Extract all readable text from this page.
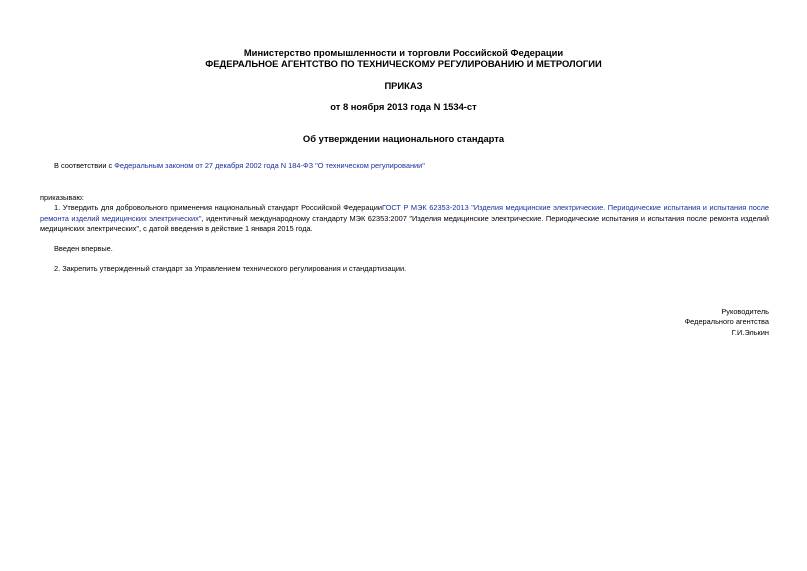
Министерство промышленности и торговли Российской Федерации
ФЕДЕРАЛЬНОЕ АГЕНТСТВО ПО ТЕХНИЧЕСКОМУ РЕГУЛИРОВАНИЮ И МЕТРОЛОГИИ
ПРИКАЗ
от 8 ноября 2013 года N 1534-ст
Об утверждении национального стандарта
В соответствии с Федеральным законом от 27 декабря 2002 года N 184-ФЗ "О техническом регулировании"
приказываю:
1. Утвердить для добровольного применения национальный стандарт Российской ФедерацииГОСТ Р МЭК 62353-2013 "Изделия медицинские электрические. Периодические испытания и испытания после ремонта изделий медицинских электрических", идентичный международному стандарту МЭК 62353:2007 "Изделия медицинские электрические. Периодические испытания и испытания после ремонта изделий медицинских электрических", с датой введения в действие 1 января 2015 года.
Введен впервые.
2. Закрепить утвержденный стандарт за Управлением технического регулирования и стандартизации.
Руководитель
Федерального агентства
Г.И.Элькин
